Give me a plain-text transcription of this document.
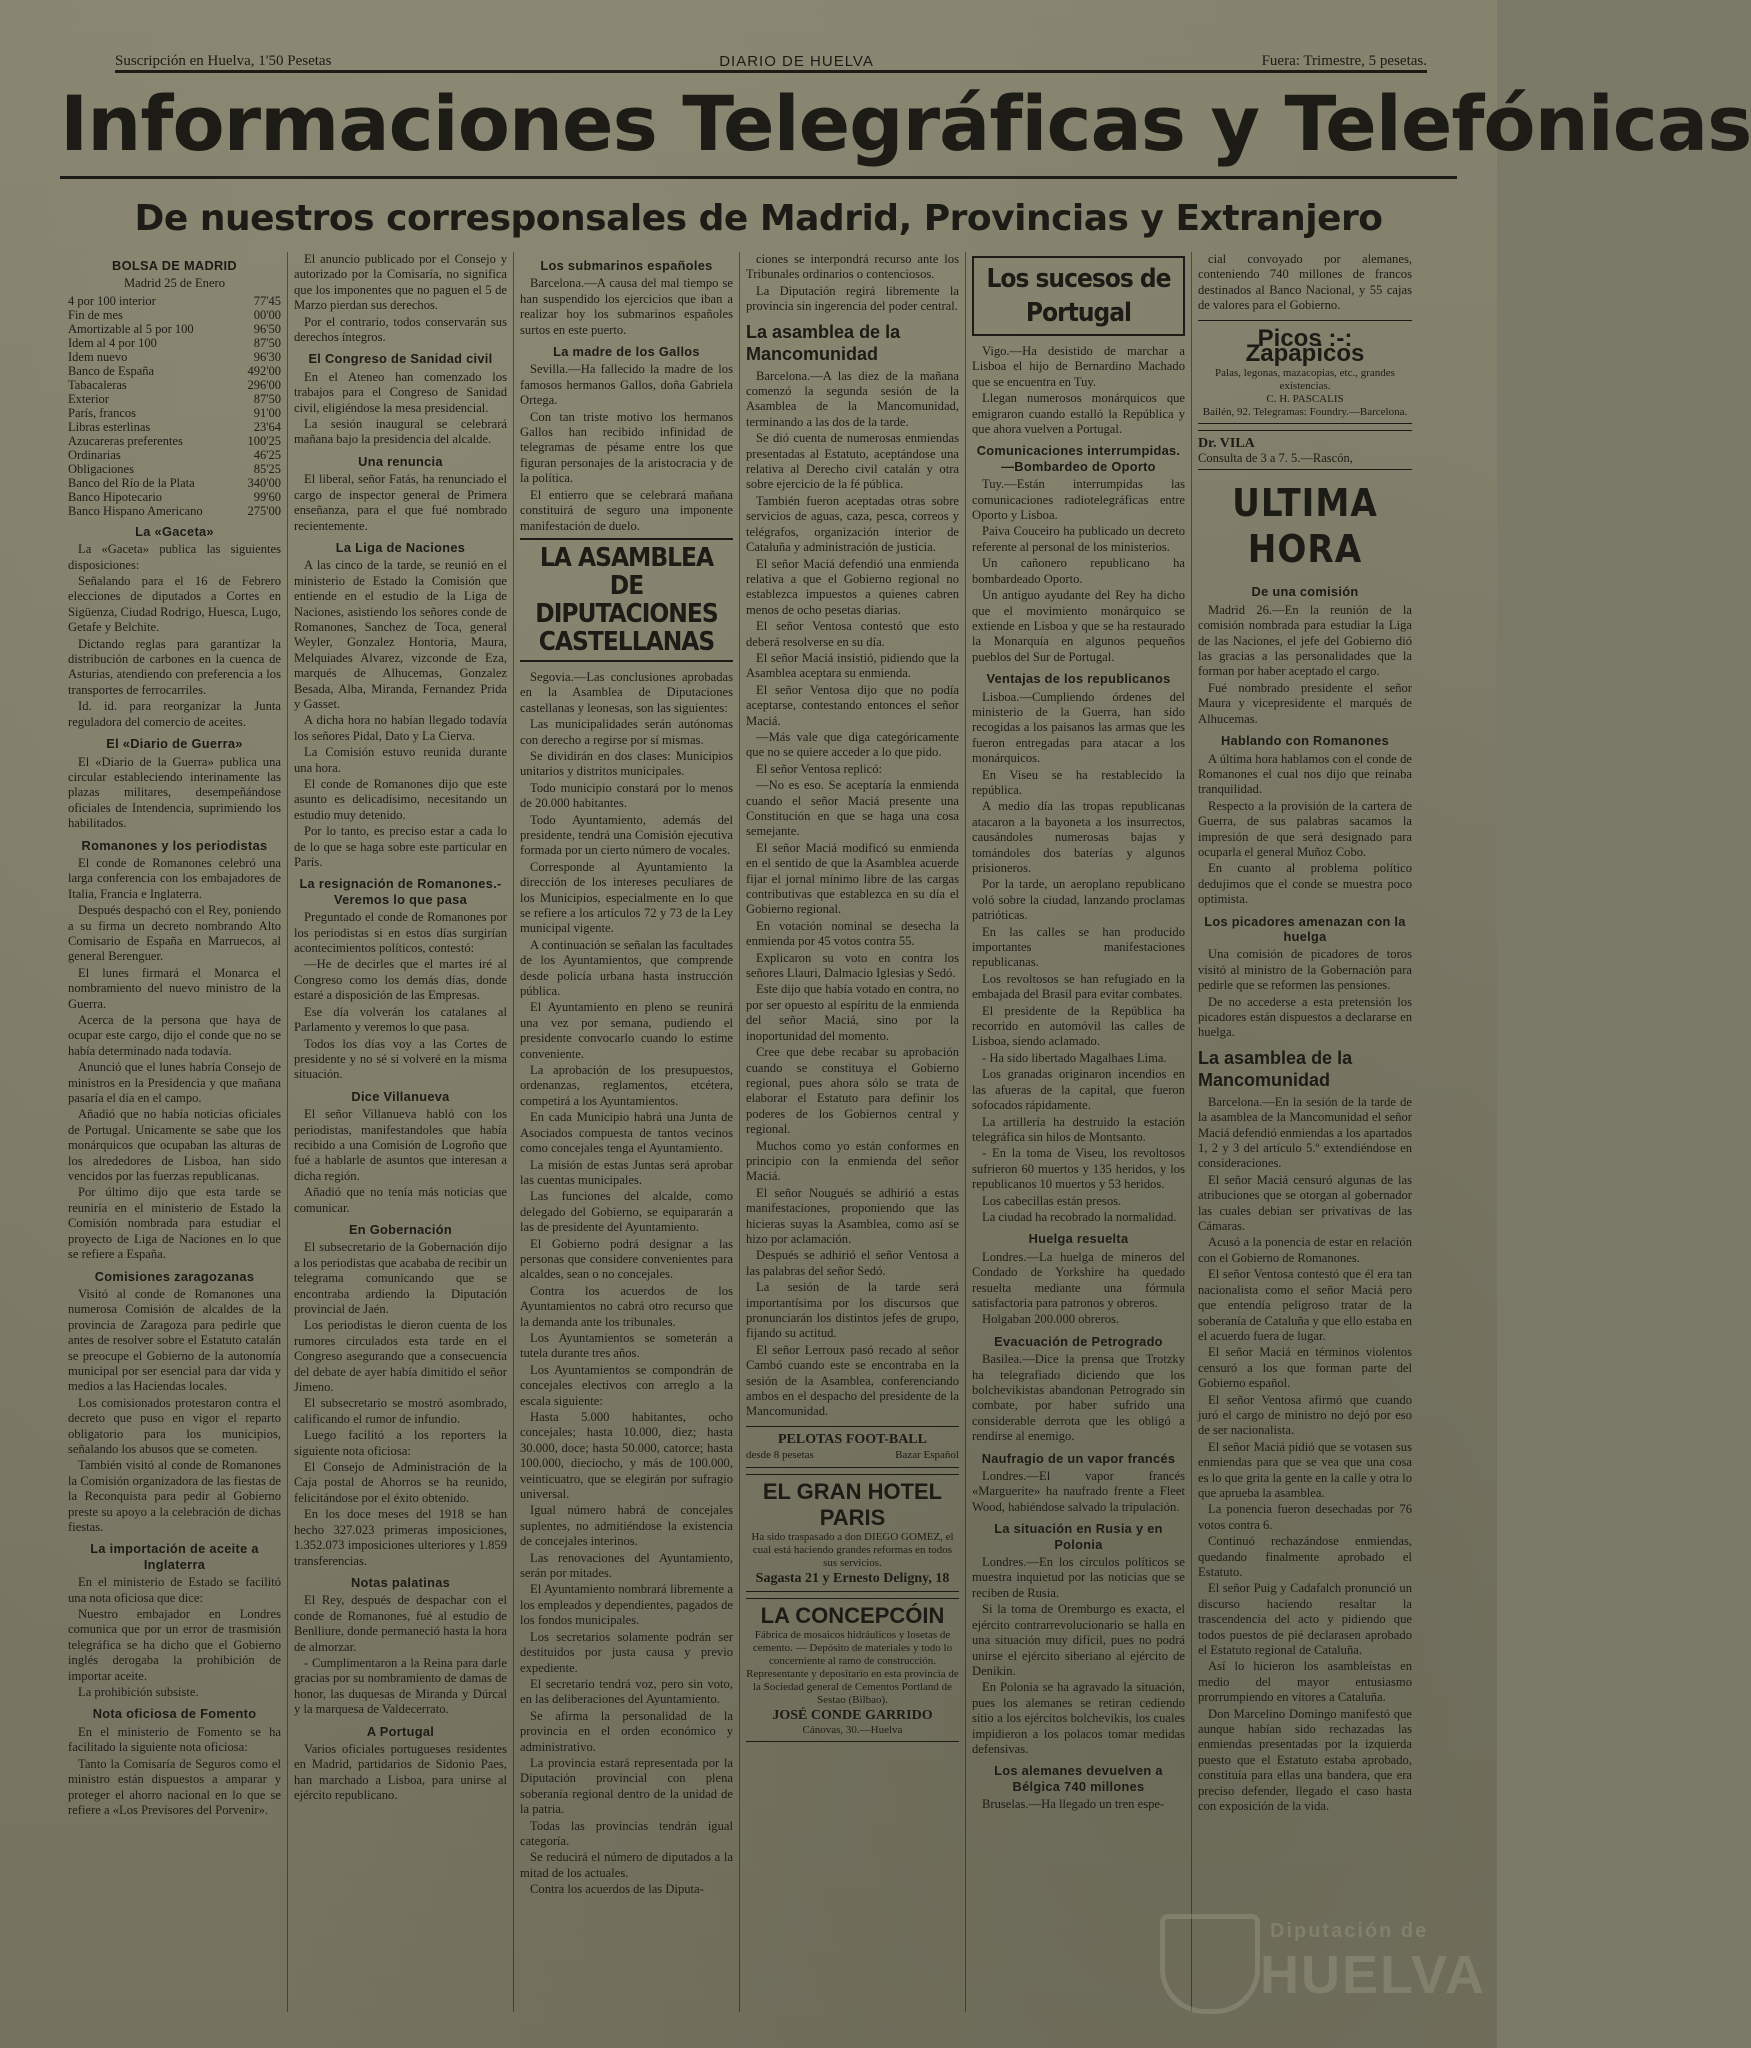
Suscripción en Huelva, 1'50 Pesetas	DIARIO DE HUELVA	Fuera: Trimestre, 5 pesetas.
Informaciones Telegráficas y Telefónicas
De nuestros corresponsales de Madrid, Provincias y Extranjero
BOLSA DE MADRID
Madrid 25 de Enero
4 por 100 interior	77'45
Fin de mes	00'00
Amortizable al 5 por 100	96'50
Idem al 4 por 100	87'50
Idem nuevo	96'30
Banco de España	492'00
Tabacaleras	296'00
Exterior	87'50
París, francos	91'00
Libras esterlinas	23'64
Azucareras preferentes	100'25
Ordinarias	46'25
Obligaciones	85'25
Banco del Río de la Plata	340'00
Banco Hipotecario	99'60
Banco Hispano Americano	275'00
La «Gaceta»

La «Gaceta» publica las siguientes disposiciones:

Señalando para el 16 de Febrero elecciones de diputados a Cortes en Sigüenza, Ciudad Rodrigo, Huesca, Lugo, Getafe y Belchite.

Dictando reglas para garantizar la distribución de carbones en la cuenca de Asturias, atendiendo con preferencia a los transportes de ferrocarriles.

Id. id. para reorganizar la Junta reguladora del comercio de aceites.

El «Diario de Guerra»

El «Diario de la Guerra» publica una circular estableciendo interinamente las plazas militares, desempeñándose oficiales de Intendencia, suprimiendo los habilitados.

Romanones y los periodistas

El conde de Romanones celebró una larga conferencia con los embajadores de Italia, Francia e Inglaterra.

Después despachó con el Rey, poniendo a su firma un decreto nombrando Alto Comisario de España en Marruecos, al general Berenguer.

El lunes firmará el Monarca el nombramiento del nuevo ministro de la Guerra.

Acerca de la persona que haya de ocupar este cargo, dijo el conde que no se había determinado nada todavía.

Anunció que el lunes habría Consejo de ministros en la Presidencia y que mañana pasaría el día en el campo.

Añadió que no había noticias oficiales de Portugal. Unicamente se sabe que los monárquicos que ocupaban las alturas de los alrededores de Lisboa, han sido vencidos por las fuerzas republicanas.

Por último dijo que esta tarde se reuniría en el ministerio de Estado la Comisión nombrada para estudiar el proyecto de Liga de Naciones en lo que se refiere a España.

Comisiones zaragozanas

Visitó al conde de Romanones una numerosa Comisión de alcaldes de la provincia de Zaragoza para pedirle que antes de resolver sobre el Estatuto catalán se preocupe el Gobierno de la autonomía municipal por ser esencial para dar vida y medios a las Haciendas locales.

Los comisionados protestaron contra el decreto que puso en vigor el reparto obligatorio para los municipios, señalando los abusos que se cometen.

También visitó al conde de Romanones la Comisión organizadora de las fiestas de la Reconquista para pedir al Gobierno preste su apoyo a la celebración de dichas fiestas.

La importación de aceite a Inglaterra

En el ministerio de Estado se facilitó una nota oficiosa que dice:

Nuestro embajador en Londres comunica que por un error de trasmisión telegráfica se ha dicho que el Gobierno inglés derogaba la prohibición de importar aceite.

La prohibición subsiste.

Nota oficiosa de Fomento

En el ministerio de Fomento se ha facilitado la siguiente nota oficiosa:

Tanto la Comisaría de Seguros como el ministro están dispuestos a amparar y proteger el ahorro nacional en lo que se refiere a «Los Previsores del Porvenir».

El anuncio publicado por el Consejo y autorizado por la Comisaría, no significa que los imponentes que no paguen el 5 de Marzo pierdan sus derechos.

Por el contrario, todos conservarán sus derechos íntegros.

El Congreso de Sanidad civil

En el Ateneo han comenzado los trabajos para el Congreso de Sanidad civil, eligiéndose la mesa presidencial.

La sesión inaugural se celebrará mañana bajo la presidencia del alcalde.

Una renuncia

El liberal, señor Fatás, ha renunciado el cargo de inspector general de Primera enseñanza, para el que fué nombrado recientemente.

La Liga de Naciones

A las cinco de la tarde, se reunió en el ministerio de Estado la Comisión que entiende en el estudio de la Liga de Naciones, asistiendo los señores conde de Romanones, Sanchez de Toca, general Weyler, Gonzalez Hontoria, Maura, Melquiades Alvarez, vizconde de Eza, marqués de Alhucemas, Gonzalez Besada, Alba, Miranda, Fernandez Prida y Gasset.

A dicha hora no habían llegado todavía los señores Pidal, Dato y La Cierva.

La Comisión estuvo reunida durante una hora.

El conde de Romanones dijo que este asunto es delicadísimo, necesitando un estudio muy detenido.

Por lo tanto, es preciso estar a cada lo de lo que se haga sobre este particular en París.

La resignación de Romanones.- Veremos lo que pasa

Preguntado el conde de Romanones por los periodistas si en estos días surgirían acontecimientos políticos, contestó:

—He de decirles que el martes iré al Congreso como los demás días, donde estaré a disposición de las Empresas.

Ese día volverán los catalanes al Parlamento y veremos lo que pasa.

Todos los días voy a las Cortes de presidente y no sé si volveré en la misma situación.

Dice Villanueva

El señor Villanueva habló con los periodistas, manifestandoles que había recibido a una Comisión de Logroño que fué a hablarle de asuntos que interesan a dicha región.

Añadió que no tenía más noticias que comunicar.

En Gobernación

El subsecretario de la Gobernación dijo a los periodistas que acababa de recibir un telegrama comunicando que se encontraba ardiendo la Diputación provincial de Jaén.

Los periodistas le dieron cuenta de los rumores circulados esta tarde en el Congreso asegurando que a consecuencia del debate de ayer había dimitido el señor Jimeno.

El subsecretario se mostró asombrado, calificando el rumor de infundio.

Luego facilitó a los reporters la siguiente nota oficiosa:

El Consejo de Administración de la Caja postal de Ahorros se ha reunido, felicitándose por el éxito obtenido.

En los doce meses del 1918 se han hecho 327.023 primeras imposiciones, 1.352.073 imposiciones ulteriores y 1.859 transferencias.

Notas palatinas

El Rey, después de despachar con el conde de Romanones, fué al estudio de Benlliure, donde permaneció hasta la hora de almorzar.

- Cumplimentaron a la Reina para darle gracias por su nombramiento de damas de honor, las duquesas de Miranda y Dúrcal y la marquesa de Valdecerrato.

A Portugal

Varios oficiales portugueses residentes en Madrid, partidarios de Sidonio Paes, han marchado a Lisboa, para unirse al ejército republicano.

Los submarinos españoles

Barcelona.—A causa del mal tiempo se han suspendido los ejercicios que iban a realizar hoy los submarinos españoles surtos en este puerto.

La madre de los Gallos

Sevilla.—Ha fallecido la madre de los famosos hermanos Gallos, doña Gabriela Ortega.

Con tan triste motivo los hermanos Gallos han recibido infinidad de telegramas de pésame entre los que figuran personajes de la aristocracia y de la política.

El entierro que se celebrará mañana constituirá de seguro una imponente manifestación de duelo.

LA ASAMBLEA DE DIPUTACIONES CASTELLANAS

Segovia.—Las conclusiones aprobadas en la Asamblea de Diputaciones castellanas y leonesas, son las siguientes:

Las municipalidades serán autónomas con derecho a regirse por sí mismas.

Se dividirán en dos clases: Municipios unitarios y distritos municipales.

Todo municipio constará por lo menos de 20.000 habitantes.

Todo Ayuntamiento, además del presidente, tendrá una Comisión ejecutiva formada por un cierto número de vocales.

Corresponde al Ayuntamiento la dirección de los intereses peculiares de los Municipios, especialmente en lo que se refiere a los artículos 72 y 73 de la Ley municipal vigente.

A continuación se señalan las facultades de los Ayuntamientos, que comprende desde policía urbana hasta instrucción pública.

El Ayuntamiento en pleno se reunirá una vez por semana, pudiendo el presidente convocarlo cuando lo estime conveniente.

La aprobación de los presupuestos, ordenanzas, reglamentos, etcétera, competirá a los Ayuntamientos.

En cada Municipio habrá una Junta de Asociados compuesta de tantos vecinos como concejales tenga el Ayuntamiento.

La misión de estas Juntas será aprobar las cuentas municipales.

Las funciones del alcalde, como delegado del Gobierno, se equipararán a las de presidente del Ayuntamiento.

El Gobierno podrá designar a las personas que considere convenientes para alcaldes, sean o no concejales.

Contra los acuerdos de los Ayuntamientos no cabrá otro recurso que la demanda ante los tribunales.

Los Ayuntamientos se someterán a tutela durante tres años.

Los Ayuntamientos se compondrán de concejales electivos con arreglo a la escala siguiente:

Hasta 5.000 habitantes, ocho concejales; hasta 10.000, diez; hasta 30.000, doce; hasta 50.000, catorce; hasta 100.000, dieciocho, y más de 100.000, veinticuatro, que se elegirán por sufragio universal.

Igual número habrá de concejales suplentes, no admitiéndose la existencia de concejales interinos.

Las renovaciones del Ayuntamiento, serán por mitades.

El Ayuntamiento nombrará libremente a los empleados y dependientes, pagados de los fondos municipales.

Los secretarios solamente podrán ser destituidos por justa causa y previo expediente.

El secretario tendrá voz, pero sin voto, en las deliberaciones del Ayuntamiento.

Se afirma la personalidad de la provincia en el orden económico y administrativo.

La provincia estará representada por la Diputación provincial con plena soberanía regional dentro de la unidad de la patria.

Todas las provincias tendrán igual categoría.

Se reducirá el número de diputados a la mitad de los actuales.

Contra los acuerdos de las Diputa-

ciones se interpondrá recurso ante los Tribunales ordinarios o contenciosos.

La Diputación regirá libremente la provincia sin ingerencia del poder central.

La asamblea de la Mancomunidad

Barcelona.—A las diez de la mañana comenzó la segunda sesión de la Asamblea de la Mancomunidad, terminando a las dos de la tarde.

Se dió cuenta de numerosas enmiendas presentadas al Estatuto, aceptándose una relativa al Derecho civil catalán y otra sobre ejercicio de la fé pública.

También fueron aceptadas otras sobre servicios de aguas, caza, pesca, correos y telégrafos, organización interior de Cataluña y administración de justicia.

El señor Maciá defendió una enmienda relativa a que el Gobierno regional no establezca impuestos a quienes cabren menos de ocho pesetas diarias.

El señor Ventosa contestó que esto deberá resolverse en su día.

El señor Maciá insistió, pidiendo que la Asamblea aceptara su enmienda.

El señor Ventosa dijo que no podía aceptarse, contestando entonces el señor Maciá.

—Más vale que diga categóricamente que no se quiere acceder a lo que pido.

El señor Ventosa replicó:

—No es eso. Se aceptaría la enmienda cuando el señor Maciá presente una Constitución en que se haga una cosa semejante.

El señor Maciá modificó su enmienda en el sentido de que la Asamblea acuerde fijar el jornal mínimo libre de las cargas contributivas que establezca en su día el Gobierno regional.

En votación nominal se desecha la enmienda por 45 votos contra 55.

Explicaron su voto en contra los señores Llauri, Dalmacio Iglesias y Sedó.

Este dijo que había votado en contra, no por ser opuesto al espíritu de la enmienda del señor Maciá, sino por la inoportunidad del momento.

Cree que debe recabar su aprobación cuando se constituya el Gobierno regional, pues ahora sólo se trata de elaborar el Estatuto para definir los poderes de los Gobiernos central y regional.

Muchos como yo están conformes en principio con la enmienda del señor Maciá.

El señor Nougués se adhirió a estas manifestaciones, proponiendo que las hicieras suyas la Asamblea, como así se hizo por aclamación.

Después se adhirió el señor Ventosa a las palabras del señor Sedó.

La sesión de la tarde será importantísima por los discursos que pronunciarán los distintos jefes de grupo, fijando su actitud.

El señor Lerroux pasó recado al señor Cambó cuando este se encontraba en la sesión de la Asamblea, conferenciando ambos en el despacho del presidente de la Mancomunidad.

PELOTAS FOOT-BALL
desde 8 pesetas	Bazar Español
EL GRAN HOTEL PARIS
Ha sido traspasado a don DIEGO GOMEZ, el cual está haciendo grandes reformas en todos sus servicios.
Sagasta 21 y Ernesto Deligny, 18
LA CONCEPCÓIN
Fábrica de mosaicos hidráulicos y losetas de cemento. — Depósito de materiales y todo lo concerniente al ramo de construcción.
Representante y depositario en esta provincia de la Sociedad general de Cementos Portland de Sestao (Bilbao).
JOSÉ CONDE GARRIDO
Cánovas, 30.—Huelva
Los sucesos de Portugal

Vigo.—Ha desistido de marchar a Lisboa el hijo de Bernardino Machado que se encuentra en Tuy.

Llegan numerosos monárquicos que emigraron cuando estalló la República y que ahora vuelven a Portugal.

Comunicaciones interrumpidas. —Bombardeo de Oporto

Tuy.—Están interrumpidas las comunicaciones radiotelegráficas entre Oporto y Lisboa.

Paiva Couceiro ha publicado un decreto referente al personal de los ministerios.

Un cañonero republicano ha bombardeado Oporto.

Un antiguo ayudante del Rey ha dicho que el movimiento monárquico se extiende en Lisboa y que se ha restaurado la Monarquía en algunos pequeños pueblos del Sur de Portugal.

Ventajas de los republicanos

Lisboa.—Cumpliendo órdenes del ministerio de la Guerra, han sido recogidas a los paisanos las armas que les fueron entregadas para atacar a los monárquicos.

En Viseu se ha restablecido la república.

A medio día las tropas republicanas atacaron a la bayoneta a los insurrectos, causándoles numerosas bajas y tomándoles dos baterías y algunos prisioneros.

Por la tarde, un aeroplano republicano voló sobre la ciudad, lanzando proclamas patrióticas.

En las calles se han producido importantes manifestaciones republicanas.

Los revoltosos se han refugiado en la embajada del Brasil para evitar combates.

El presidente de la República ha recorrido en automóvil las calles de Lisboa, siendo aclamado.

- Ha sido libertado Magalhaes Lima.

Los granadas originaron incendios en las afueras de la capital, que fueron sofocados rápidamente.

La artillería ha destruido la estación telegráfica sin hilos de Montsanto.

- En la toma de Viseu, los revoltosos sufrieron 60 muertos y 135 heridos, y los republicanos 10 muertos y 53 heridos.

Los cabecillas están presos.

La ciudad ha recobrado la normalidad.

Huelga resuelta

Londres.—La huelga de mineros del Condado de Yorkshire ha quedado resuelta mediante una fórmula satisfactoria para patronos y obreros.

Holgaban 200.000 obreros.

Evacuación de Petrogrado

Basilea.—Dice la prensa que Trotzky ha telegrafiado diciendo que los bolchevikistas abandonan Petrogrado sin combate, por haber sufrido una considerable derrota que les obligó a rendirse al enemigo.

Naufragio de un vapor francés

Londres.—El vapor francés «Marguerite» ha naufrado frente a Fleet Wood, habiéndose salvado la tripulación.

La situación en Rusia y en Polonia

Londres.—En los círculos políticos se muestra inquietud por las noticias que se reciben de Rusia.

Si la toma de Oremburgo es exacta, el ejército contrarrevolucionario se halla en una situación muy difícil, pues no podrá unirse el ejército siberiano al ejército de Denikin.

En Polonia se ha agravado la situación, pues los alemanes se retiran cediendo sitio a los ejércitos bolchevikis, los cuales impidieron a los polacos tomar medidas defensivas.

Los alemanes devuelven a Bélgica 740 millones

Bruselas.—Ha llegado un tren espe-

cial convoyado por alemanes, conteniendo 740 millones de francos destinados al Banco Nacional, y 55 cajas de valores para el Gobierno.

Picos :-: Zapapicos
Palas, legonas, mazacopias, etc., grandes existencias.
C. H. PASCALIS
Bailén, 92. Telegramas: Foundry.—Barcelona.
Dr. VILA
Consulta de 3 a 7. 5.—Rascón,
ULTIMA HORA
De una comisión

Madrid 26.—En la reunión de la comisión nombrada para estudiar la Liga de las Naciones, el jefe del Gobierno dió las gracias a las personalidades que la forman por haber aceptado el cargo.

Fué nombrado presidente el señor Maura y vicepresidente el marqués de Alhucemas.

Hablando con Romanones

A última hora hablamos con el conde de Romanones el cual nos dijo que reinaba tranquilidad.

Respecto a la provisión de la cartera de Guerra, de sus palabras sacamos la impresión de que será designado para ocuparla el general Muñoz Cobo.

En cuanto al problema político dedujimos que el conde se muestra poco optimista.

Los picadores amenazan con la huelga

Una comisión de picadores de toros visitó al ministro de la Gobernación para pedirle que se reformen las pensiones.

De no accederse a esta pretensión los picadores están dispuestos a declararse en huelga.

La asamblea de la Mancomunidad

Barcelona.—En la sesión de la tarde de la asamblea de la Mancomunidad el señor Maciá defendió enmiendas a los apartados 1, 2 y 3 del artículo 5.º extendiéndose en consideraciones.

El señor Maciá censuró algunas de las atribuciones que se otorgan al gobernador las cuales debian ser privativas de las Cámaras.

Acusó a la ponencia de estar en relación con el Gobierno de Romanones.

El señor Ventosa contestó que él era tan nacionalista como el señor Maciá pero que entendía peligroso tratar de la soberanía de Cataluña y que ello estaba en el acuerdo fuera de lugar.

El señor Maciá en términos violentos censuró a los que forman parte del Gobierno español.

El señor Ventosa afirmó que cuando juró el cargo de ministro no dejó por eso de ser nacionalista.

El señor Maciá pidió que se votasen sus enmiendas para que se vea que una cosa es lo que grita la gente en la calle y otra lo que aprueba la asamblea.

La ponencia fueron desechadas por 76 votos contra 6.

Continuó rechazándose enmiendas, quedando finalmente aprobado el Estatuto.

El señor Puig y Cadafalch pronunció un discurso haciendo resaltar la trascendencia del acto y pidiendo que todos puestos de pié declarasen aprobado el Estatuto regional de Cataluña.

Así lo hicieron los asambleístas en medio del mayor entusiasmo prorrumpiendo en vítores a Cataluña.

Don Marcelino Domingo manifestó que aunque habían sido rechazadas las enmiendas presentadas por la izquierda puesto que el Estatuto estaba aprobado, constituía para ellas una bandera, que era preciso defender, llegado el caso hasta con exposición de la vida.

Diputación de
HUELVA
